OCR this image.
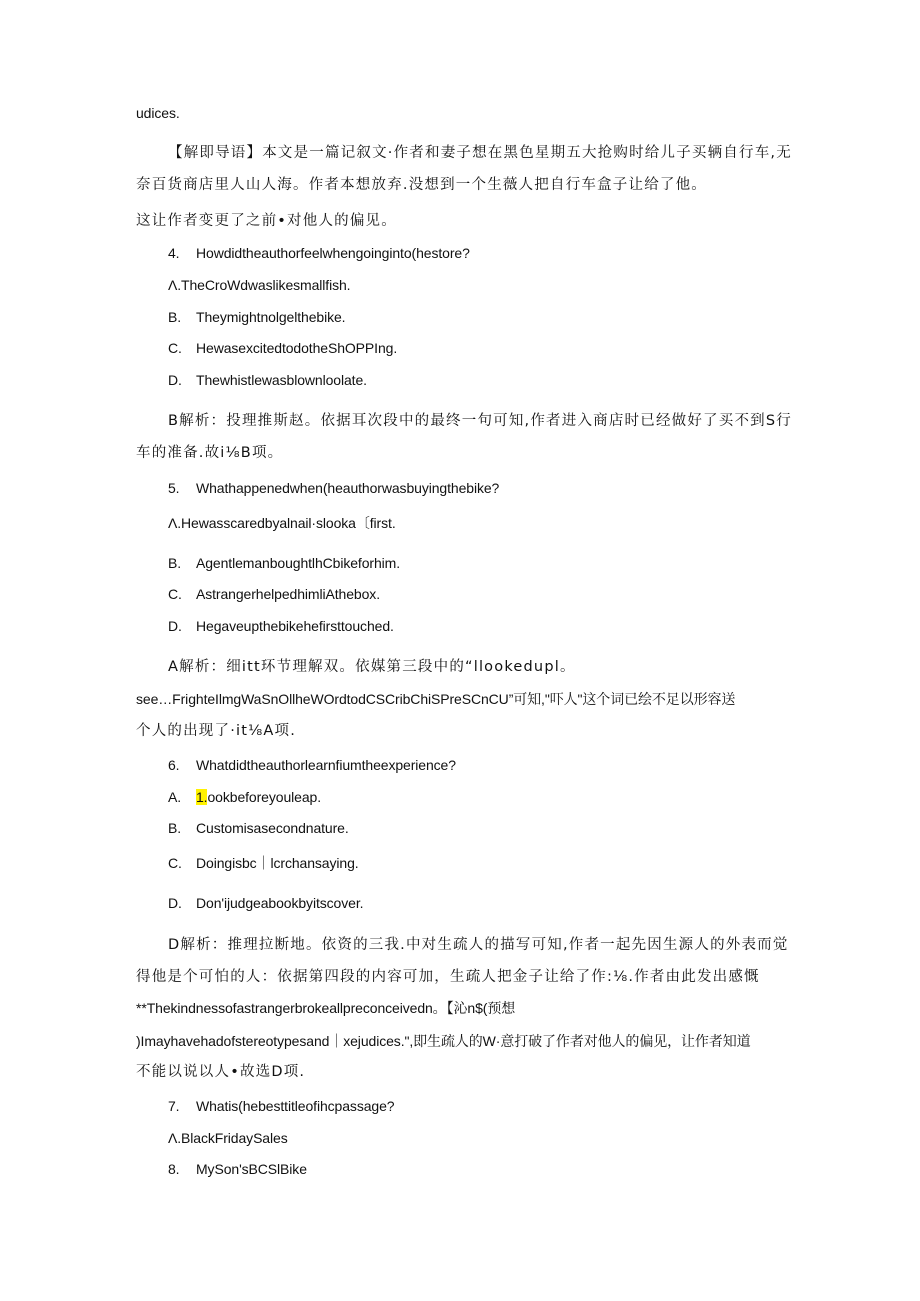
udices.
【解即导语】本文是一篇记叙文·作者和妻子想在黑色星期五大抢购时给儿子买辆自行车,无
奈百货商店里人山人海。作者本想放弃.没想到一个生薇人把自行车盒子让给了他。
这让作者变更了之前•对他人的偏见。
4. Howdidtheauthorfeelwhengoinginto(hestore?
Λ.TheCroWdwaslikesmallfish.
B. Theymightnolgelthebike.
C. HewasexcitedtodotheShOPPIng.
D. Thewhistlewasblownloolate.
B解析：投理推斯赵。依据耳次段中的最终一句可知,作者进入商店时已经做好了买不到S行
车的准备.故i⅛B项。
5. Whathappenedwhen(heauthorwasbuyingthebike?
Λ.Hewasscaredbyalnail·slooka〔first.
B. AgentlemanboughtlhCbikeforhim.
C. AstrangerhelpedhimliAthebox.
D. Hegaveupthebikehefirsttouched.
A解析：细itt环节理解双。依媒第三段中的“llookedupl。
see…FrighteIlmgWaSnOllheWOrdtodCSCribChiSPreSCnCU”可知,"吓人"这个词已绘不足以形容送
个人的出现了·it⅛A项.
6. Whatdidtheauthorlearnfiumtheexperience?
A. 1.ookbeforeyouleap.
B. Customisasecondnature.
C. Doingisbc｜lcrchansaying.
D. Don'ijudgeabookbyitscover.
D解析：推理拉断地。依资的三我.中对生疏人的描写可知,作者一起先因生源人的外表而觉
得他是个可怕的人：依据第四段的内容可加，生疏人把金子让给了作:⅛.作者由此发出感慨
**Thekindnessofastrangerbrokeallpreconceivedn。【沁n$(预想
)Imayhavehadofstereotypesand｜xejudices.",即生疏人的W·意打破了作者对他人的偏见，让作者知道
不能以说以人•故选D项.
7. Whatis(hebesttitleofihcpassage?
Λ.BlackFridaySales
8. MySon'sBCSlBike
